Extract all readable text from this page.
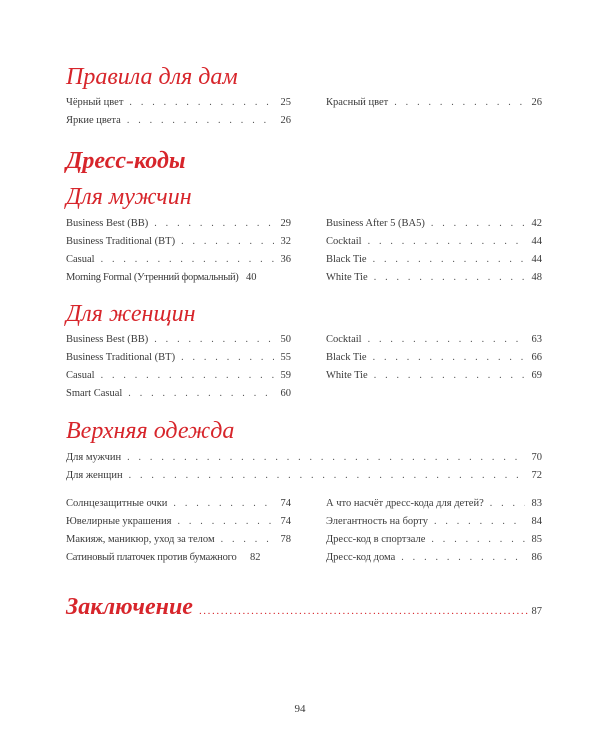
Правила для дам
Чёрный цвет . . .	25
Яркие цвета . . .	26
Красный цвет . . .	26
Дресс-коды
Для мужчин
Business Best (BB) . . .	29
Business Traditional (BT) . . .	32
Casual . . .	36
Morning Formal (Утренний формальный) 40
Business After 5 (BA5) . . .	42
Cocktail . . .	44
Black Tie . . .	44
White Tie . . .	48
Для женщин
Business Best (BB) . . .	50
Business Traditional (BT) . . .	55
Casual . . .	59
Smart Casual . . .	60
Cocktail . . .	63
Black Tie . . .	66
White Tie . . .	69
Верхняя одежда
Для мужчин . . .	70
Для женщин . . .	72
Солнцезащитные очки . . .	74
Ювелирные украшения . . .	74
Макияж, маникюр, уход за телом . . .	78
Сатиновый платочек против бумажного	82
А что насчёт дресс-кода для детей? . . .	83
Элегантность на борту . . .	84
Дресс-код в спортзале . . .	85
Дресс-код дома . . .	86
Заключение .....	87
94
